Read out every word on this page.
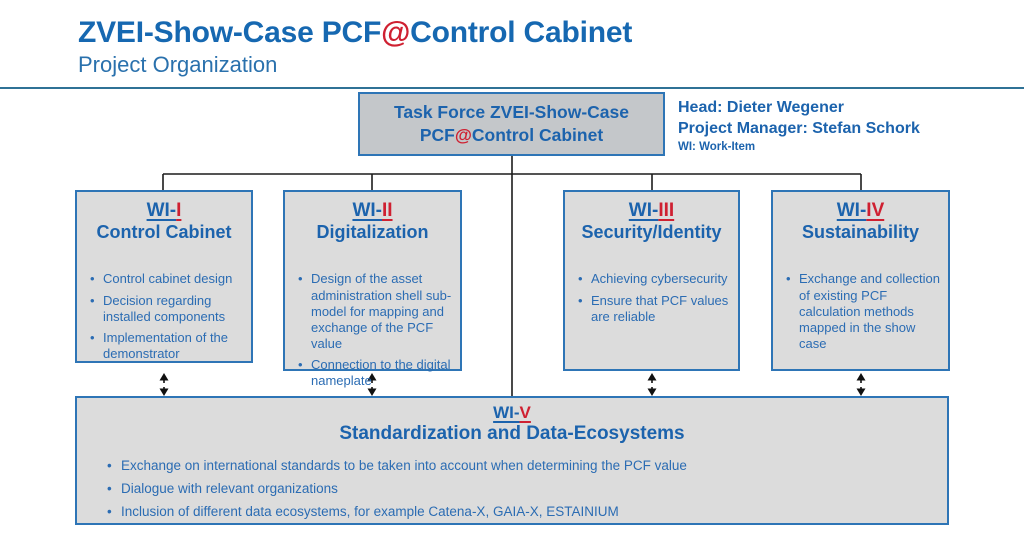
ZVEI-Show-Case PCF@Control Cabinet
Project Organization
Task Force ZVEI-Show-Case
PCF@Control Cabinet
Head: Dieter Wegener
Project Manager: Stefan Schork
WI: Work-Item
WI-I
Control Cabinet
• Control cabinet design
• Decision regarding installed components
• Implementation of the demonstrator
WI-II
Digitalization
• Design of the asset administration shell sub-model for mapping and exchange of the PCF value
• Connection to the digital nameplate
WI-III
Security/Identity
• Achieving cybersecurity
• Ensure that PCF values are reliable
WI-IV
Sustainability
• Exchange and collection of existing PCF calculation methods mapped in the show case
WI-V
Standardization and Data-Ecosystems
• Exchange on international standards to be taken into account when determining the PCF value
• Dialogue with relevant organizations
• Inclusion of different data ecosystems, for example Catena-X, GAIA-X, ESTAINIUM
